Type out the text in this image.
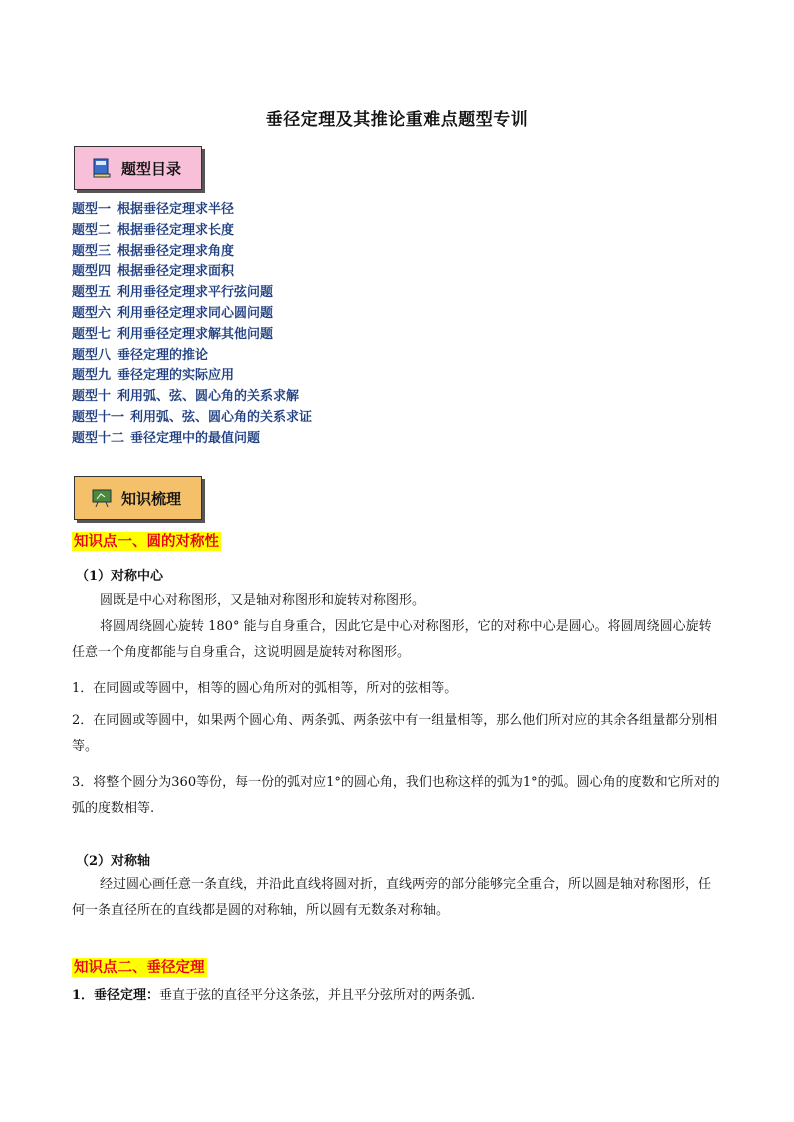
垂径定理及其推论重难点题型专训
题型目录
题型一 根据垂径定理求半径
题型二 根据垂径定理求长度
题型三 根据垂径定理求角度
题型四 根据垂径定理求面积
题型五 利用垂径定理求平行弦问题
题型六 利用垂径定理求同心圆问题
题型七 利用垂径定理求解其他问题
题型八 垂径定理的推论
题型九 垂径定理的实际应用
题型十 利用弧、弦、圆心角的关系求解
题型十一 利用弧、弦、圆心角的关系求证
题型十二 垂径定理中的最值问题
知识梳理
知识点一、圆的对称性
（1）对称中心
圆既是中心对称图形，又是轴对称图形和旋转对称图形。
将圆周绕圆心旋转 180° 能与自身重合，因此它是中心对称图形，它的对称中心是圆心。将圆周绕圆心旋转任意一个角度都能与自身重合，这说明圆是旋转对称图形。
1．在同圆或等圆中，相等的圆心角所对的弧相等，所对的弦相等。
2．在同圆或等圆中，如果两个圆心角、两条弧、两条弦中有一组量相等，那么他们所对应的其余各组量都分别相等。
3．将整个圆分为360等份，每一份的弧对应1°的圆心角，我们也称这样的弧为1°的弧。圆心角的度数和它所对的弧的度数相等.
（2）对称轴
经过圆心画任意一条直线，并沿此直线将圆对折，直线两旁的部分能够完全重合，所以圆是轴对称图形，任何一条直径所在的直线都是圆的对称轴，所以圆有无数条对称轴。
知识点二、垂径定理
1．垂径定理：垂直于弦的直径平分这条弦，并且平分弦所对的两条弧.
